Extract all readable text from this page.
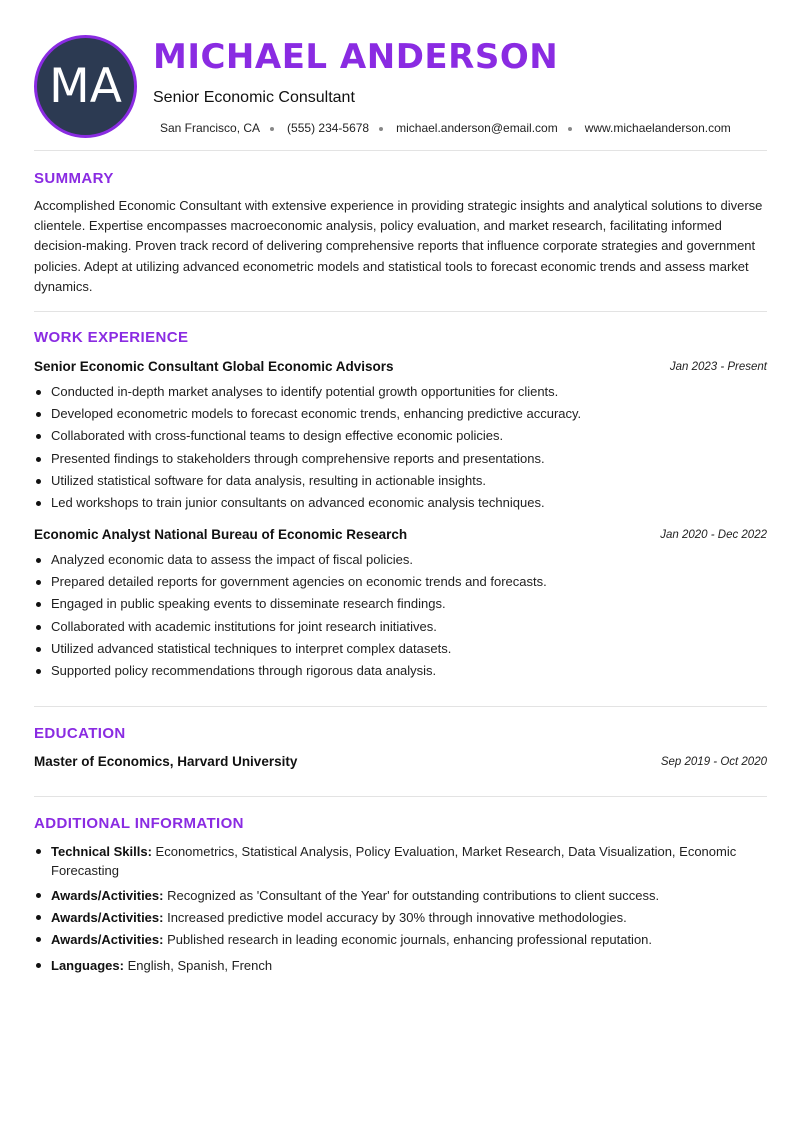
MA
MICHAEL ANDERSON
Senior Economic Consultant
San Francisco, CA (555) 234-5678 michael.anderson@email.com www.michaelanderson.com
SUMMARY
Accomplished Economic Consultant with extensive experience in providing strategic insights and analytical solutions to diverse clientele. Expertise encompasses macroeconomic analysis, policy evaluation, and market research, facilitating informed decision-making. Proven track record of delivering comprehensive reports that influence corporate strategies and government policies. Adept at utilizing advanced econometric models and statistical tools to forecast economic trends and assess market dynamics.
WORK EXPERIENCE
Senior Economic Consultant Global Economic Advisors	Jan 2023 - Present
Conducted in-depth market analyses to identify potential growth opportunities for clients.
Developed econometric models to forecast economic trends, enhancing predictive accuracy.
Collaborated with cross-functional teams to design effective economic policies.
Presented findings to stakeholders through comprehensive reports and presentations.
Utilized statistical software for data analysis, resulting in actionable insights.
Led workshops to train junior consultants on advanced economic analysis techniques.
Economic Analyst National Bureau of Economic Research	Jan 2020 - Dec 2022
Analyzed economic data to assess the impact of fiscal policies.
Prepared detailed reports for government agencies on economic trends and forecasts.
Engaged in public speaking events to disseminate research findings.
Collaborated with academic institutions for joint research initiatives.
Utilized advanced statistical techniques to interpret complex datasets.
Supported policy recommendations through rigorous data analysis.
EDUCATION
Master of Economics, Harvard University	Sep 2019 - Oct 2020
ADDITIONAL INFORMATION
Technical Skills: Econometrics, Statistical Analysis, Policy Evaluation, Market Research, Data Visualization, Economic Forecasting
Awards/Activities: Recognized as 'Consultant of the Year' for outstanding contributions to client success.
Awards/Activities: Increased predictive model accuracy by 30% through innovative methodologies.
Awards/Activities: Published research in leading economic journals, enhancing professional reputation.
Languages: English, Spanish, French
